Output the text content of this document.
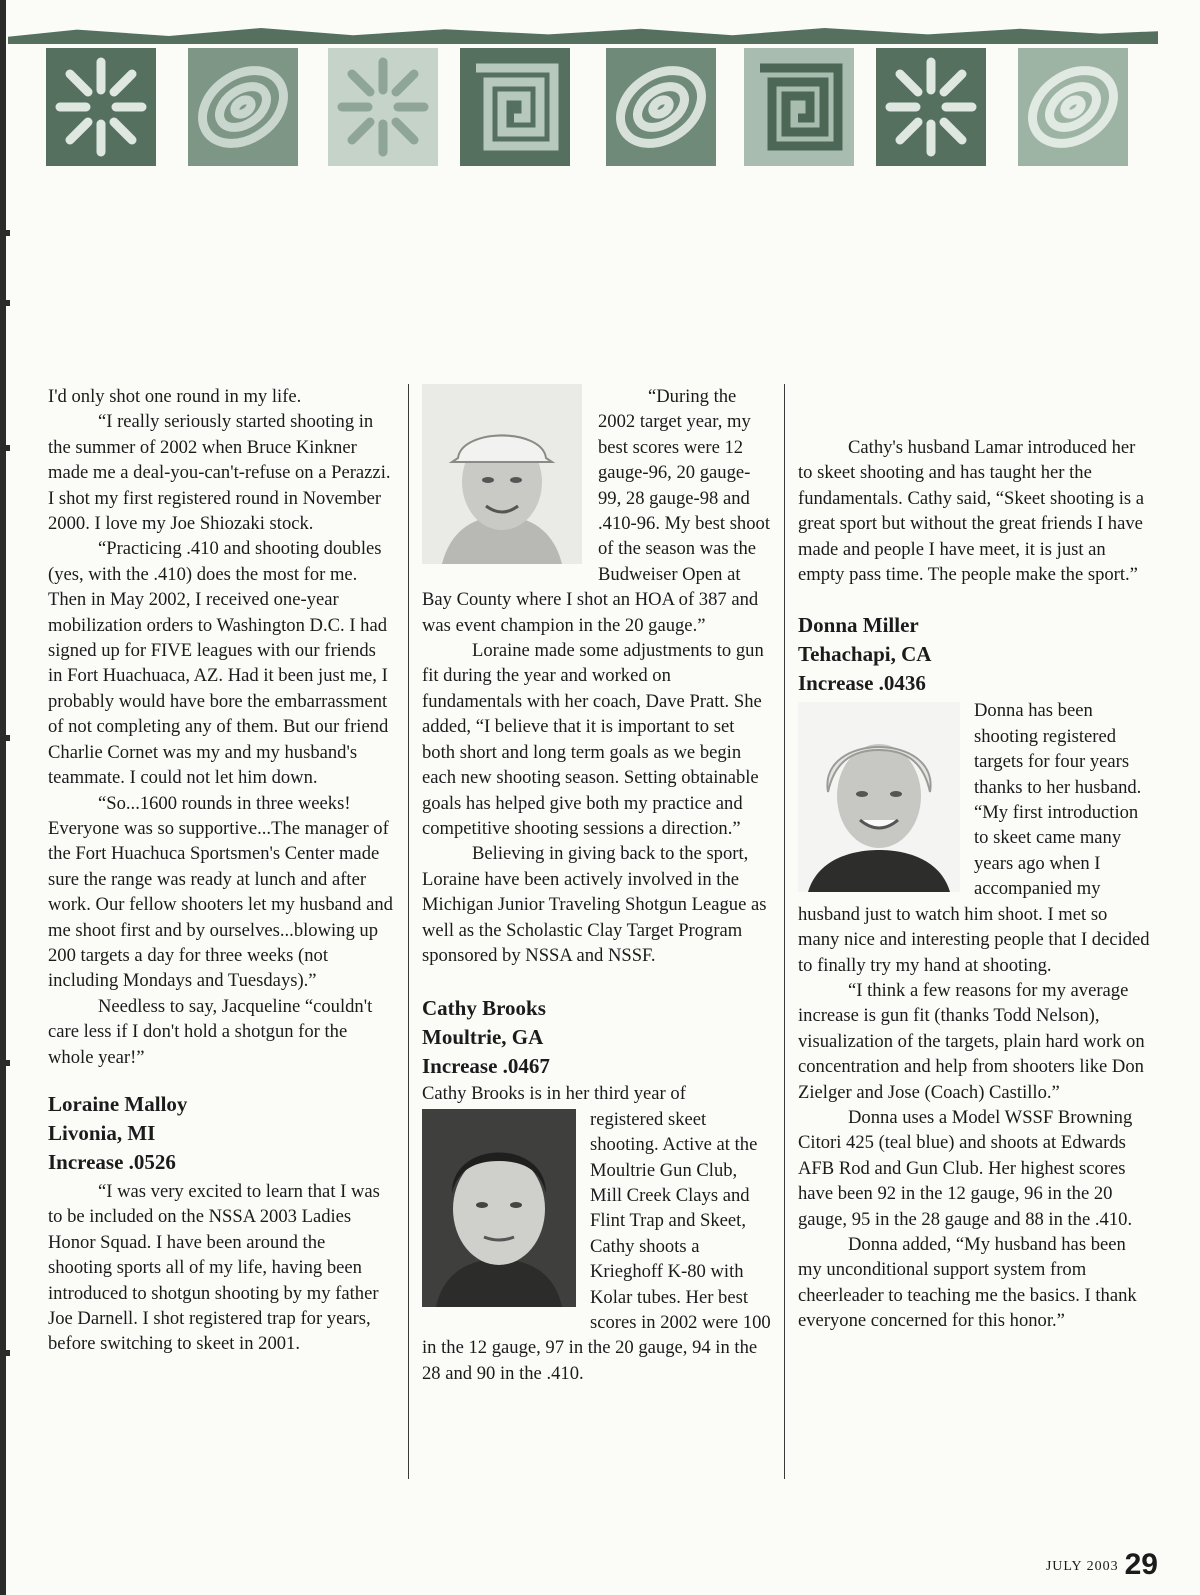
I'd only shot one round in my life.

“I really seriously started shooting in the summer of 2002 when Bruce Kinkner made me a deal-you-can't-refuse on a Perazzi. I shot my first registered round in November 2000. I love my Joe Shiozaki stock.

“Practicing .410 and shooting doubles (yes, with the .410) does the most for me. Then in May 2002, I received one-year mobilization orders to Washington D.C. I had signed up for FIVE leagues with our friends in Fort Huachuaca, AZ. Had it been just me, I probably would have bore the embarrassment of not completing any of them. But our friend Charlie Cornet was my and my husband's teammate. I could not let him down.

“So...1600 rounds in three weeks! Everyone was so supportive...The manager of the Fort Huachuca Sportsmen's Center made sure the range was ready at lunch and after work. Our fellow shooters let my husband and me shoot first and by ourselves...blowing up 200 targets a day for three weeks (not including Mondays and Tuesdays).”

Needless to say, Jacqueline “couldn't care less if I don't hold a shotgun for the whole year!”

Loraine Malloy
Livonia, MI
Increase .0526

“I was very excited to learn that I was to be included on the NSSA 2003 Ladies Honor Squad. I have been around the shooting sports all of my life, having been introduced to shotgun shooting by my father Joe Darnell. I shot registered trap for years, before switching to skeet in 2001.

“During the 2002 target year, my best scores were 12 gauge-96, 20 gauge-99, 28 gauge-98 and .410-96. My best shoot of the season was the Budweiser Open at Bay County where I shot an HOA of 387 and was event champion in the 20 gauge.”

Loraine made some adjustments to gun fit during the year and worked on fundamentals with her coach, Dave Pratt. She added, “I believe that it is important to set both short and long term goals as we begin each new shooting season. Setting obtainable goals has helped give both my practice and competitive shooting sessions a direction.”

Believing in giving back to the sport, Loraine have been actively involved in the Michigan Junior Traveling Shotgun League as well as the Scholastic Clay Target Program sponsored by NSSA and NSSF.

Cathy Brooks
Moultrie, GA
Increase .0467

Cathy Brooks is in her third year of

registered skeet shooting. Active at the Moultrie Gun Club, Mill Creek Clays and Flint Trap and Skeet, Cathy shoots a Krieghoff K-80 with Kolar tubes. Her best scores in 2002 were 100 in the 12 gauge, 97 in the 20 gauge, 94 in the 28 and 90 in the .410.

Cathy's husband Lamar introduced her to skeet shooting and has taught her the fundamentals. Cathy said, “Skeet shooting is a great sport but without the great friends I have made and people I have meet, it is just an empty pass time. The people make the sport.”

Donna Miller
Tehachapi, CA
Increase .0436

Donna has been shooting registered targets for four years thanks to her husband. “My first introduction to skeet came many years ago when I accompanied my husband just to watch him shoot. I met so many nice and interesting people that I decided to finally try my hand at shooting.

“I think a few reasons for my average increase is gun fit (thanks Todd Nelson), visualization of the targets, plain hard work on concentration and help from shooters like Don Zielger and Jose (Coach) Castillo.”

Donna uses a Model WSSF Browning Citori 425 (teal blue) and shoots at Edwards AFB Rod and Gun Club. Her highest scores have been 92 in the 12 gauge, 96 in the 20 gauge, 95 in the 28 gauge and 88 in the .410.

Donna added, “My husband has been my unconditional support system from cheerleader to teaching me the basics. I thank everyone concerned for this honor.”

JULY 2003 29
